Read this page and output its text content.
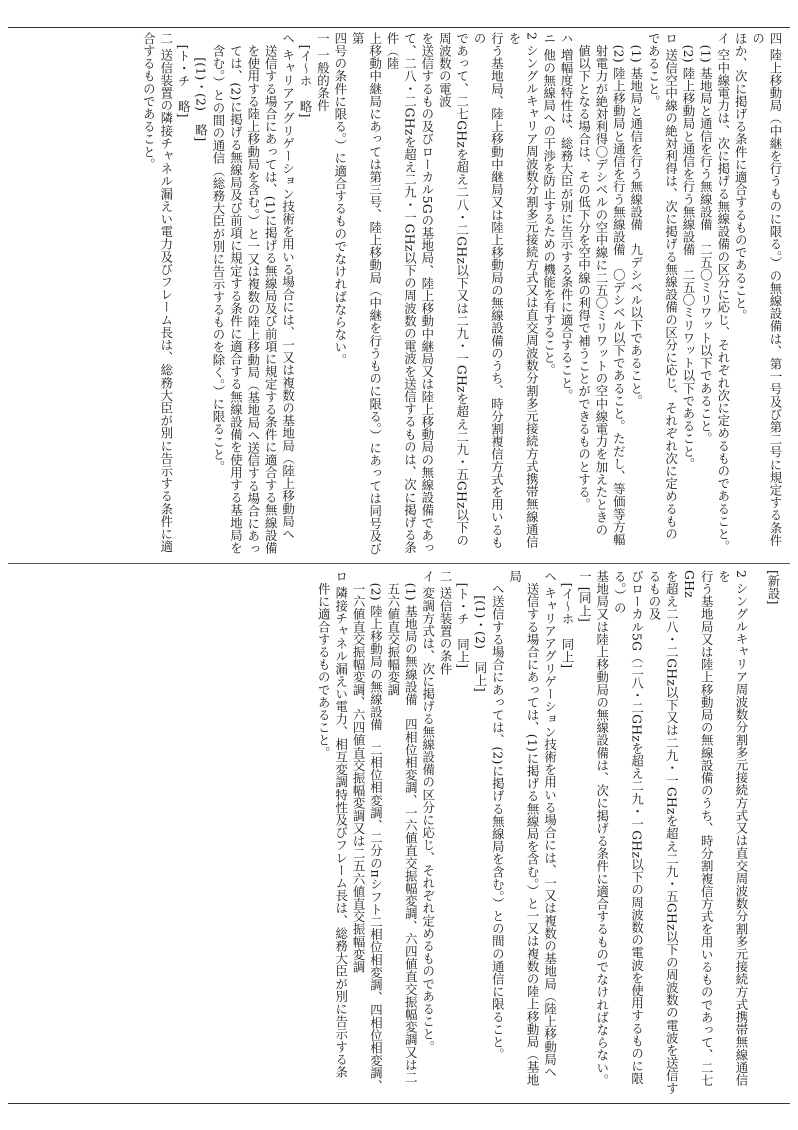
四 陸上移動局（中継を行うものに限る。）の無線設備は、第一号及び第二号に規定する条件の
ほか、次に掲げる条件に適合するものであること。
イ 空中線電力は、次に掲げる無線設備の区分に応じ、それぞれ次に定めるものであること。
　(1) 基地局と通信を行う無線設備　二五〇ミリワット以下であること。
　(2) 陸上移動局と通信を行う無線設備　二五〇ミリワット以下であること。
ロ 送信空中線の絶対利得は、次に掲げる無線設備の区分に応じ、それぞれ次に定めるもの
であること。
　(1) 基地局と通信を行う無線設備　九デシベル以下であること。
　(2) 陸上移動局と通信を行う無線設備　〇デシベル以下であること。ただし、等価等方輻
　射電力が絶対利得〇デシベルの空中線に二五〇ミリワットの空中線電力を加えたときの
　値以下となる場合は、その低下分を空中線の利得で補うことができるものとする。
ハ 増幅度特性は、総務大臣が別に告示する条件に適合すること。
ニ 他の無線局への干渉を防止するための機能を有すること。
2 シングルキャリア周波数分割多元接続方式又は直交周波数分割多元接続方式携帯無線通信を
行う基地局、陸上移動中継局又は陸上移動局の無線設備のうち、時分割複信方式を用いるもの
であって、二七GHzを超え二八・二GHz以下又は二九・一GHzを超え二九・五GHz以下の周波数の電波
を送信するもの及びローカル5Gの基地局、陸上移動中継局又は陸上移動局の無線設備であっ
て、二八・二GHzを超え二九・一GHz以下の周波数の電波を送信するものは、次に掲げる条件（陸
上移動中継局にあっては第三号、陸上移動局（中継を行うものに限る。）にあっては同号及び第
四号の条件に限る。）に適合するものでなければならない。
一 一般的条件
　[イ〜ホ　略]
ヘ キャリアアグリゲーション技術を用いる場合には、一又は複数の基地局（陸上移動局へ
　送信する場合にあっては、(1)に掲げる無線局及び前項に規定する条件に適合する無線設備
　を使用する陸上移動局を含む。）と一又は複数の陸上移動局（基地局へ送信する場合にあっ
　ては、(2)に掲げる無線局及び前項に規定する条件に適合する無線設備を使用する基地局を
　含む。）との間の通信（総務大臣が別に告示するものを除く。）に限ること。
　　[(1)・(2)　略]
　[ト・チ　略]
二 送信装置の隣接チャネル漏えい電力及びフレーム長は、総務大臣が別に告示する条件に適
合するものであること。
[新設]
2 シングルキャリア周波数分割多元接続方式又は直交周波数分割多元接続方式携帯無線通信を
行う基地局又は陸上移動局の無線設備のうち、時分割複信方式を用いるものであって、二七GHz
を超え二八・二GHz以下又は二九・一GHzを超え二九・五GHz以下の周波数の電波を送信するもの及
びローカル5G（二八・二GHzを超え二九・一GHz以下の周波数の電波を使用するものに限る。）の
基地局又は陸上移動局の無線設備は、次に掲げる条件に適合するものでなければならない。
一 [同上]
　[イ〜ホ　同上]
ヘ キャリアアグリゲーション技術を用いる場合には、一又は複数の基地局（陸上移動局へ
　送信する場合にあっては、(1)に掲げる無線局を含む。）と一又は複数の陸上移動局（基地局
　へ送信する場合にあっては、(2)に掲げる無線局を含む。）との間の通信に限ること。
　　[(1)・(2)　同上]
　[ト・チ　同上]
二 送信装置の条件
イ 変調方式は、次に掲げる無線設備の区分に応じ、それぞれ定めるものであること。
　(1) 基地局の無線設備　四相位相変調、一六値直交振幅変調、六四値直交振幅変調又は二
　五六値直交振幅変調
　(2) 陸上移動局の無線設備　二相位相変調、二分のπシフト二相位相変調、四相位相変調、
　一六値直交振幅変調、六四値直交振幅変調又は二五六値直交振幅変調
ロ 隣接チャネル漏えい電力、相互変調特性及びフレーム長は、総務大臣が別に告示する条
　件に適合するものであること。
